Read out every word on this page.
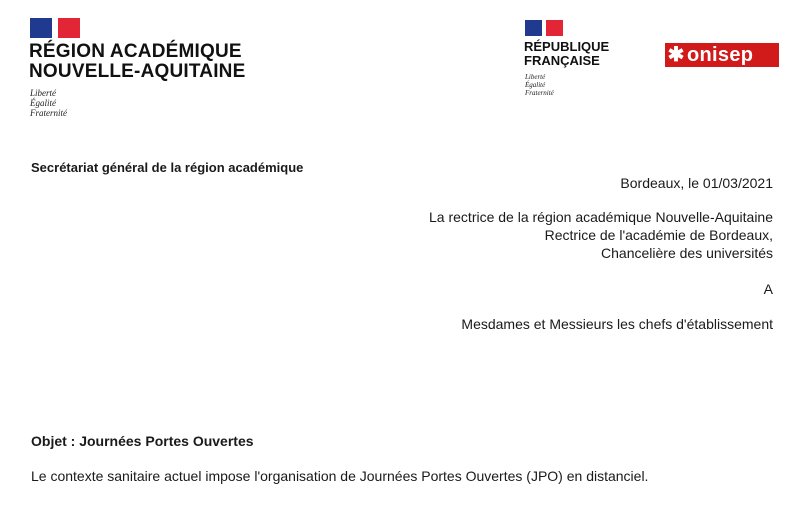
RÉGION ACADÉMIQUE
NOUVELLE-AQUITAINE
Liberté
Égalité
Fraternité
RÉPUBLIQUE
FRANÇAISE
Liberté
Égalité
Fraternité
✱ onisep
Secrétariat général de la région académique
Bordeaux, le 01/03/2021
La rectrice de la région académique Nouvelle-Aquitaine
Rectrice de l'académie de Bordeaux,
Chancelière des universités
A
Mesdames et Messieurs les chefs d'établissement
Objet : Journées Portes Ouvertes
Le contexte sanitaire actuel impose l'organisation de Journées Portes Ouvertes (JPO) en distanciel.
